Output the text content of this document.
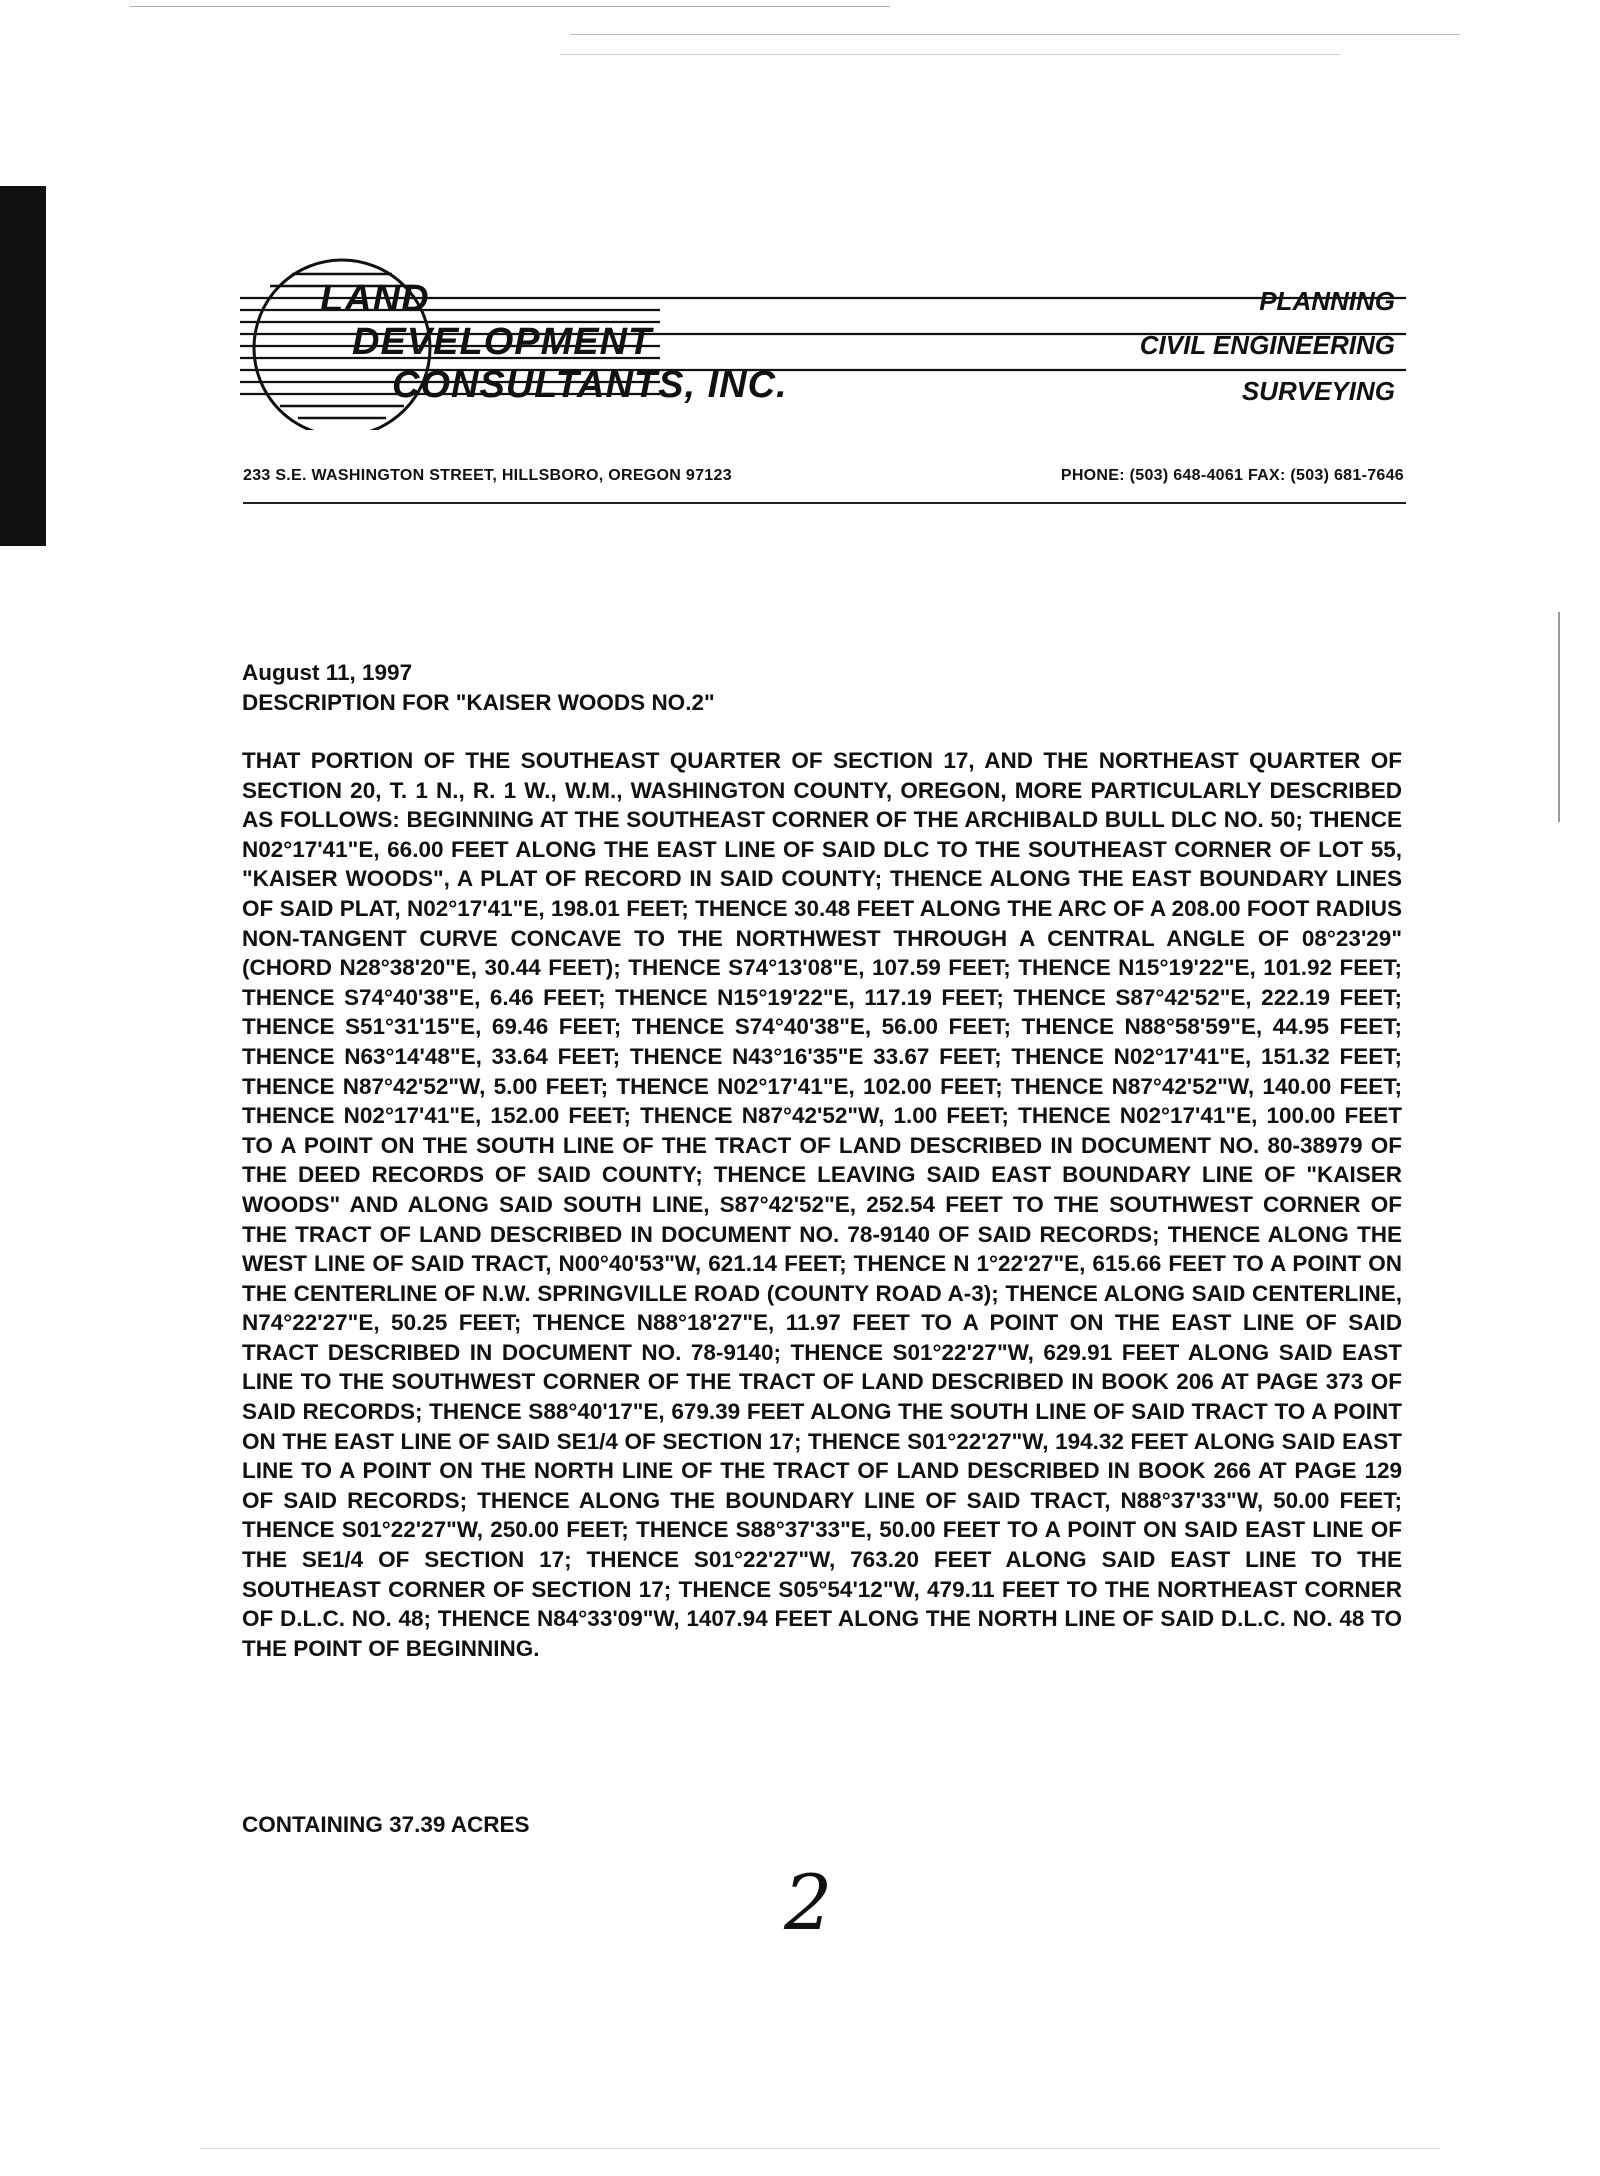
LAND
DEVELOPMENT
CONSULTANTS, INC.
PLANNING
CIVIL ENGINEERING
SURVEYING
233 S.E. WASHINGTON STREET, HILLSBORO, OREGON 97123	PHONE: (503) 648-4061 FAX: (503) 681-7646
August 11, 1997
DESCRIPTION FOR "KAISER WOODS NO.2"
THAT PORTION OF THE SOUTHEAST QUARTER OF SECTION 17, AND THE NORTHEAST QUARTER OF SECTION 20, T. 1 N., R. 1 W., W.M., WASHINGTON COUNTY, OREGON, MORE PARTICULARLY DESCRIBED AS FOLLOWS: BEGINNING AT THE SOUTHEAST CORNER OF THE ARCHIBALD BULL DLC NO. 50; THENCE N02°17'41"E, 66.00 FEET ALONG THE EAST LINE OF SAID DLC TO THE SOUTHEAST CORNER OF LOT 55, "KAISER WOODS", A PLAT OF RECORD IN SAID COUNTY; THENCE ALONG THE EAST BOUNDARY LINES OF SAID PLAT, N02°17'41"E, 198.01 FEET; THENCE 30.48 FEET ALONG THE ARC OF A 208.00 FOOT RADIUS NON-TANGENT CURVE CONCAVE TO THE NORTHWEST THROUGH A CENTRAL ANGLE OF 08°23'29" (CHORD N28°38'20"E, 30.44 FEET); THENCE S74°13'08"E, 107.59 FEET; THENCE N15°19'22"E, 101.92 FEET; THENCE S74°40'38"E, 6.46 FEET; THENCE N15°19'22"E, 117.19 FEET; THENCE S87°42'52"E, 222.19 FEET; THENCE S51°31'15"E, 69.46 FEET; THENCE S74°40'38"E, 56.00 FEET; THENCE N88°58'59"E, 44.95 FEET; THENCE N63°14'48"E, 33.64 FEET; THENCE N43°16'35"E 33.67 FEET; THENCE N02°17'41"E, 151.32 FEET; THENCE N87°42'52"W, 5.00 FEET; THENCE N02°17'41"E, 102.00 FEET; THENCE N87°42'52"W, 140.00 FEET; THENCE N02°17'41"E, 152.00 FEET; THENCE N87°42'52"W, 1.00 FEET; THENCE N02°17'41"E, 100.00 FEET TO A POINT ON THE SOUTH LINE OF THE TRACT OF LAND DESCRIBED IN DOCUMENT NO. 80-38979 OF THE DEED RECORDS OF SAID COUNTY; THENCE LEAVING SAID EAST BOUNDARY LINE OF "KAISER WOODS" AND ALONG SAID SOUTH LINE, S87°42'52"E, 252.54 FEET TO THE SOUTHWEST CORNER OF THE TRACT OF LAND DESCRIBED IN DOCUMENT NO. 78-9140 OF SAID RECORDS; THENCE ALONG THE WEST LINE OF SAID TRACT, N00°40'53"W, 621.14 FEET; THENCE N 1°22'27"E, 615.66 FEET TO A POINT ON THE CENTERLINE OF N.W. SPRINGVILLE ROAD (COUNTY ROAD A-3); THENCE ALONG SAID CENTERLINE, N74°22'27"E, 50.25 FEET; THENCE N88°18'27"E, 11.97 FEET TO A POINT ON THE EAST LINE OF SAID TRACT DESCRIBED IN DOCUMENT NO. 78-9140; THENCE S01°22'27"W, 629.91 FEET ALONG SAID EAST LINE TO THE SOUTHWEST CORNER OF THE TRACT OF LAND DESCRIBED IN BOOK 206 AT PAGE 373 OF SAID RECORDS; THENCE S88°40'17"E, 679.39 FEET ALONG THE SOUTH LINE OF SAID TRACT TO A POINT ON THE EAST LINE OF SAID SE1/4 OF SECTION 17; THENCE S01°22'27"W, 194.32 FEET ALONG SAID EAST LINE TO A POINT ON THE NORTH LINE OF THE TRACT OF LAND DESCRIBED IN BOOK 266 AT PAGE 129 OF SAID RECORDS; THENCE ALONG THE BOUNDARY LINE OF SAID TRACT, N88°37'33"W, 50.00 FEET; THENCE S01°22'27"W, 250.00 FEET; THENCE S88°37'33"E, 50.00 FEET TO A POINT ON SAID EAST LINE OF THE SE1/4 OF SECTION 17; THENCE S01°22'27"W, 763.20 FEET ALONG SAID EAST LINE TO THE SOUTHEAST CORNER OF SECTION 17; THENCE S05°54'12"W, 479.11 FEET TO THE NORTHEAST CORNER OF D.L.C. NO. 48; THENCE N84°33'09"W, 1407.94 FEET ALONG THE NORTH LINE OF SAID D.L.C. NO. 48 TO THE POINT OF BEGINNING.
CONTAINING 37.39 ACRES
2
